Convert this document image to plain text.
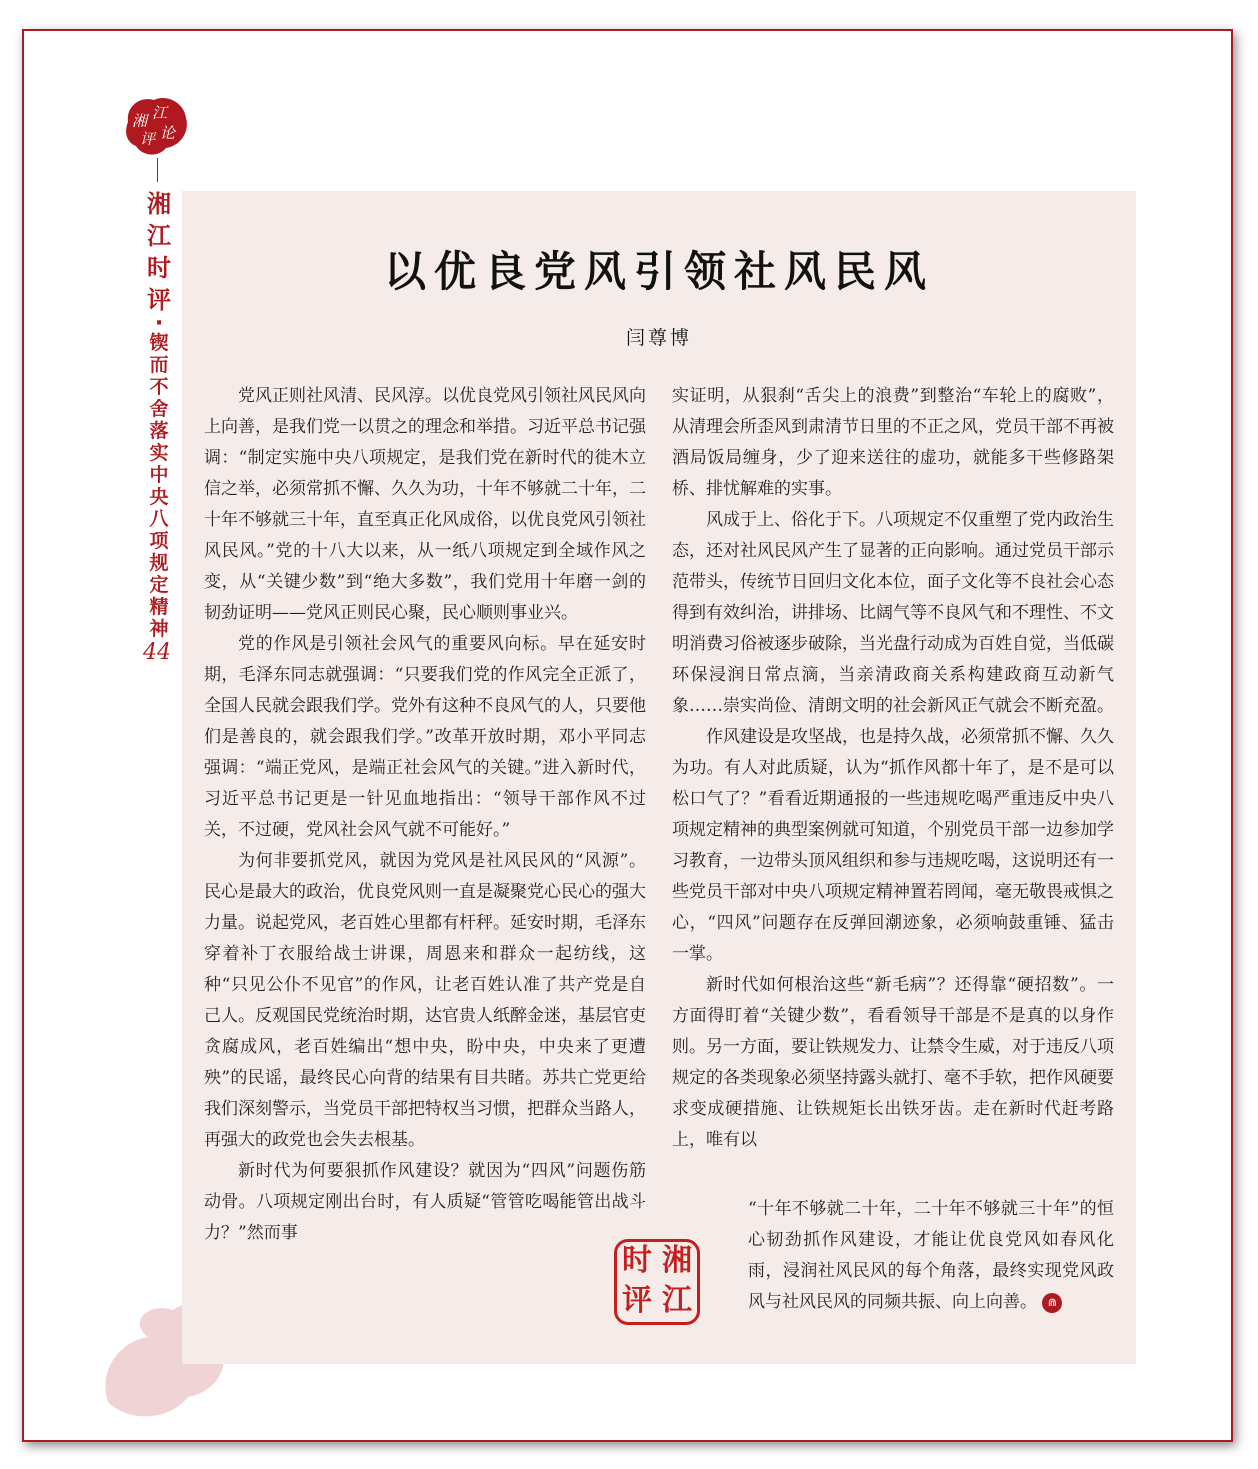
湘 江
评 论
湘江时评
·
锲而不舍落实中央八项规定精神
44
以优良党风引领社风民风
闫尊博

党风正则社风清、民风淳。以优良党风引领社风民风向上向善，是我们党一以贯之的理念和举措。习近平总书记强调：“制定实施中央八项规定，是我们党在新时代的徙木立信之举，必须常抓不懈、久久为功，十年不够就二十年，二十年不够就三十年，直至真正化风成俗，以优良党风引领社风民风。”党的十八大以来，从一纸八项规定到全域作风之变，从“关键少数”到“绝大多数”，我们党用十年磨一剑的韧劲证明——党风正则民心聚，民心顺则事业兴。

党的作风是引领社会风气的重要风向标。早在延安时期，毛泽东同志就强调：“只要我们党的作风完全正派了，全国人民就会跟我们学。党外有这种不良风气的人，只要他们是善良的，就会跟我们学。”改革开放时期，邓小平同志强调：“端正党风，是端正社会风气的关键。”进入新时代，习近平总书记更是一针见血地指出：“领导干部作风不过关，不过硬，党风社会风气就不可能好。”

为何非要抓党风，就因为党风是社风民风的“风源”。民心是最大的政治，优良党风则一直是凝聚党心民心的强大力量。说起党风，老百姓心里都有杆秤。延安时期，毛泽东穿着补丁衣服给战士讲课，周恩来和群众一起纺线，这种“只见公仆不见官”的作风，让老百姓认准了共产党是自己人。反观国民党统治时期，达官贵人纸醉金迷，基层官吏贪腐成风，老百姓编出“想中央，盼中央，中央来了更遭殃”的民谣，最终民心向背的结果有目共睹。苏共亡党更给我们深刻警示，当党员干部把特权当习惯，把群众当路人，再强大的政党也会失去根基。

新时代为何要狠抓作风建设？就因为“四风”问题伤筋动骨。八项规定刚出台时，有人质疑“管管吃喝能管出战斗力？”然而事

实证明，从狠刹“舌尖上的浪费”到整治“车轮上的腐败”，从清理会所歪风到肃清节日里的不正之风，党员干部不再被酒局饭局缠身，少了迎来送往的虚功，就能多干些修路架桥、排忧解难的实事。

风成于上、俗化于下。八项规定不仅重塑了党内政治生态，还对社风民风产生了显著的正向影响。通过党员干部示范带头，传统节日回归文化本位，面子文化等不良社会心态得到有效纠治，讲排场、比阔气等不良风气和不理性、不文明消费习俗被逐步破除，当光盘行动成为百姓自觉，当低碳环保浸润日常点滴，当亲清政商关系构建政商互动新气象……崇实尚俭、清朗文明的社会新风正气就会不断充盈。

作风建设是攻坚战，也是持久战，必须常抓不懈、久久为功。有人对此质疑，认为“抓作风都十年了，是不是可以松口气了？”看看近期通报的一些违规吃喝严重违反中央八项规定精神的典型案例就可知道，个别党员干部一边参加学习教育，一边带头顶风组织和参与违规吃喝，这说明还有一些党员干部对中央八项规定精神置若罔闻，毫无敬畏戒惧之心，“四风”问题存在反弹回潮迹象，必须响鼓重锤、猛击一掌。

新时代如何根治这些“新毛病”？还得靠“硬招数”。一方面得盯着“关键少数”，看看领导干部是不是真的以身作则。另一方面，要让铁规发力、让禁令生威，对于违反八项规定的各类现象必须坚持露头就打、毫不手软，把作风硬要求变成硬措施、让铁规矩长出铁牙齿。走在新时代赶考路上，唯有以

“十年不够就二十年，二十年不够就三十年”的恒心韧劲抓作风建设，才能让优良党风如春风化雨，浸润社风民风的每个角落，最终实现党风政风与社风民风的同频共振、向上向善。 ⋒

时 湘
评 江
